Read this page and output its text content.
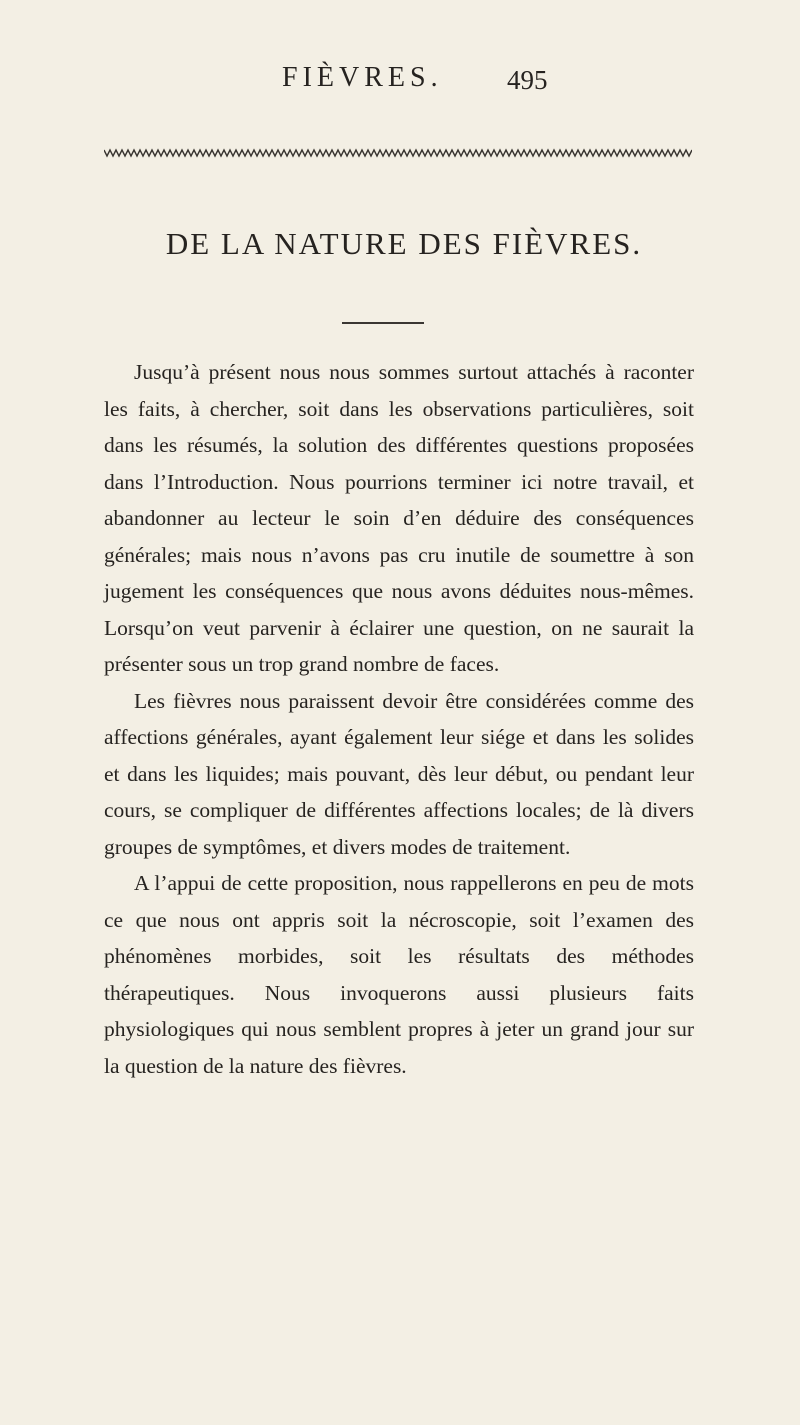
FIÈVRES. 495
DE LA NATURE DES FIÈVRES.

Jusqu’à présent nous nous sommes surtout attachés à raconter les faits, à chercher, soit dans les observations particulières, soit dans les résumés, la solution des différentes questions proposées dans l’Introduction. Nous pourrions terminer ici notre travail, et abandonner au lecteur le soin d’en déduire des conséquences générales; mais nous n’avons pas cru inutile de soumettre à son jugement les conséquences que nous avons déduites nous-mêmes. Lorsqu’on veut parvenir à éclairer une question, on ne saurait la présenter sous un trop grand nombre de faces.

Les fièvres nous paraissent devoir être considérées comme des affections générales, ayant également leur siége et dans les solides et dans les liquides; mais pouvant, dès leur début, ou pendant leur cours, se compliquer de différentes affections locales; de là divers groupes de symptômes, et divers modes de traitement.

A l’appui de cette proposition, nous rappellerons en peu de mots ce que nous ont appris soit la nécroscopie, soit l’examen des phénomènes morbides, soit les résultats des méthodes thérapeutiques. Nous invoquerons aussi plusieurs faits physiologiques qui nous semblent propres à jeter un grand jour sur la question de la nature des fièvres.
